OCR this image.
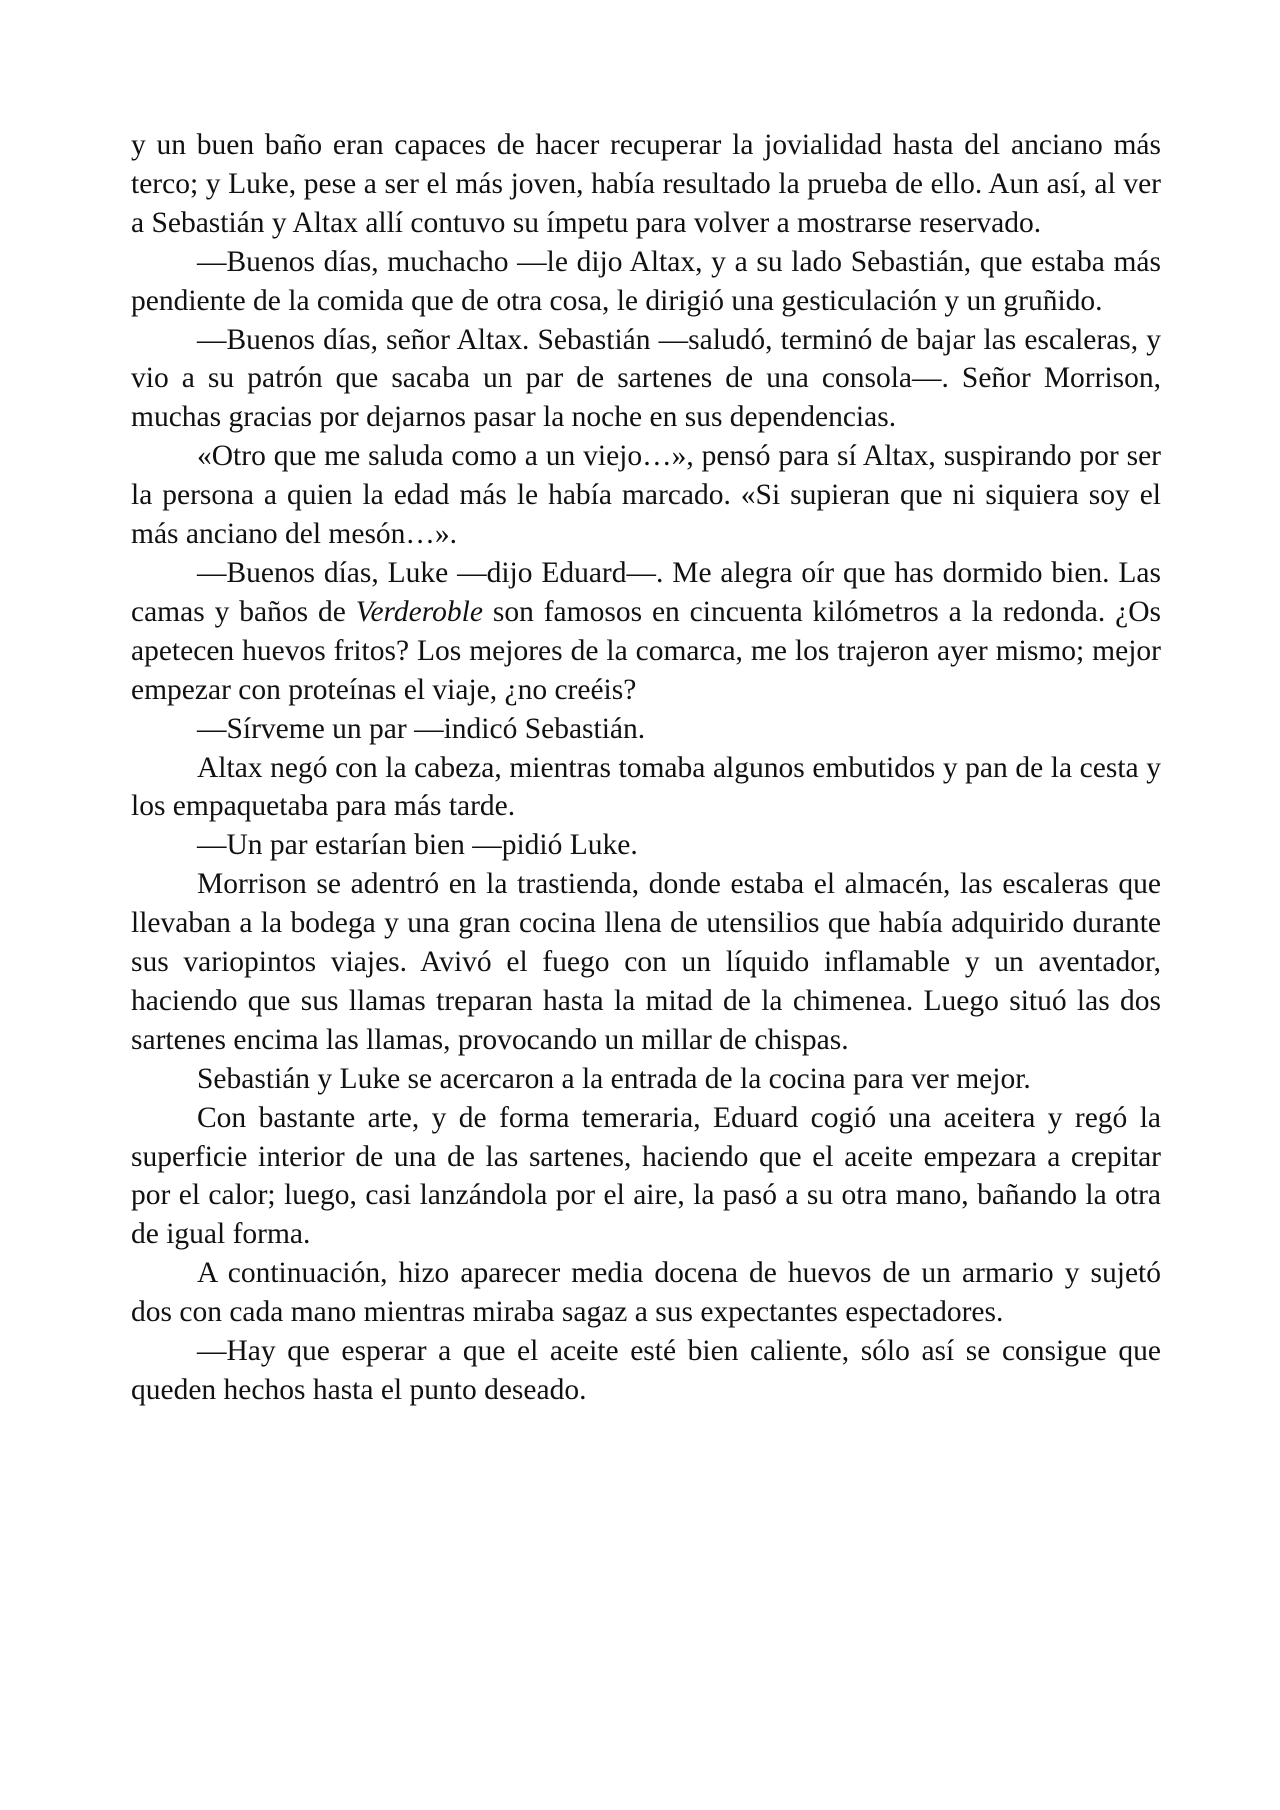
y un buen baño eran capaces de hacer recuperar la jovialidad hasta del anciano más terco; y Luke, pese a ser el más joven, había resultado la prueba de ello. Aun así, al ver a Sebastián y Altax allí contuvo su ímpetu para volver a mostrarse reservado.

—Buenos días, muchacho —le dijo Altax, y a su lado Sebastián, que estaba más pendiente de la comida que de otra cosa, le dirigió una gesticulación y un gruñido.

—Buenos días, señor Altax. Sebastián —saludó, terminó de bajar las escaleras, y vio a su patrón que sacaba un par de sartenes de una consola—. Señor Morrison, muchas gracias por dejarnos pasar la noche en sus dependencias.

«Otro que me saluda como a un viejo…», pensó para sí Altax, suspirando por ser la persona a quien la edad más le había marcado. «Si supieran que ni siquiera soy el más anciano del mesón…».

—Buenos días, Luke —dijo Eduard—. Me alegra oír que has dormido bien. Las camas y baños de Verderoble son famosos en cincuenta kilómetros a la redonda. ¿Os apetecen huevos fritos? Los mejores de la comarca, me los trajeron ayer mismo; mejor empezar con proteínas el viaje, ¿no creéis?

—Sírveme un par —indicó Sebastián.

Altax negó con la cabeza, mientras tomaba algunos embutidos y pan de la cesta y los empaquetaba para más tarde.

—Un par estarían bien —pidió Luke.

Morrison se adentró en la trastienda, donde estaba el almacén, las escaleras que llevaban a la bodega y una gran cocina llena de utensilios que había adquirido durante sus variopintos viajes. Avivó el fuego con un líquido inflamable y un aventador, haciendo que sus llamas treparan hasta la mitad de la chimenea. Luego situó las dos sartenes encima las llamas, provocando un millar de chispas.

Sebastián y Luke se acercaron a la entrada de la cocina para ver mejor.

Con bastante arte, y de forma temeraria, Eduard cogió una aceitera y regó la superficie interior de una de las sartenes, haciendo que el aceite empezara a crepitar por el calor; luego, casi lanzándola por el aire, la pasó a su otra mano, bañando la otra de igual forma.

A continuación, hizo aparecer media docena de huevos de un armario y sujetó dos con cada mano mientras miraba sagaz a sus expectantes espectadores.

—Hay que esperar a que el aceite esté bien caliente, sólo así se consigue que queden hechos hasta el punto deseado.
